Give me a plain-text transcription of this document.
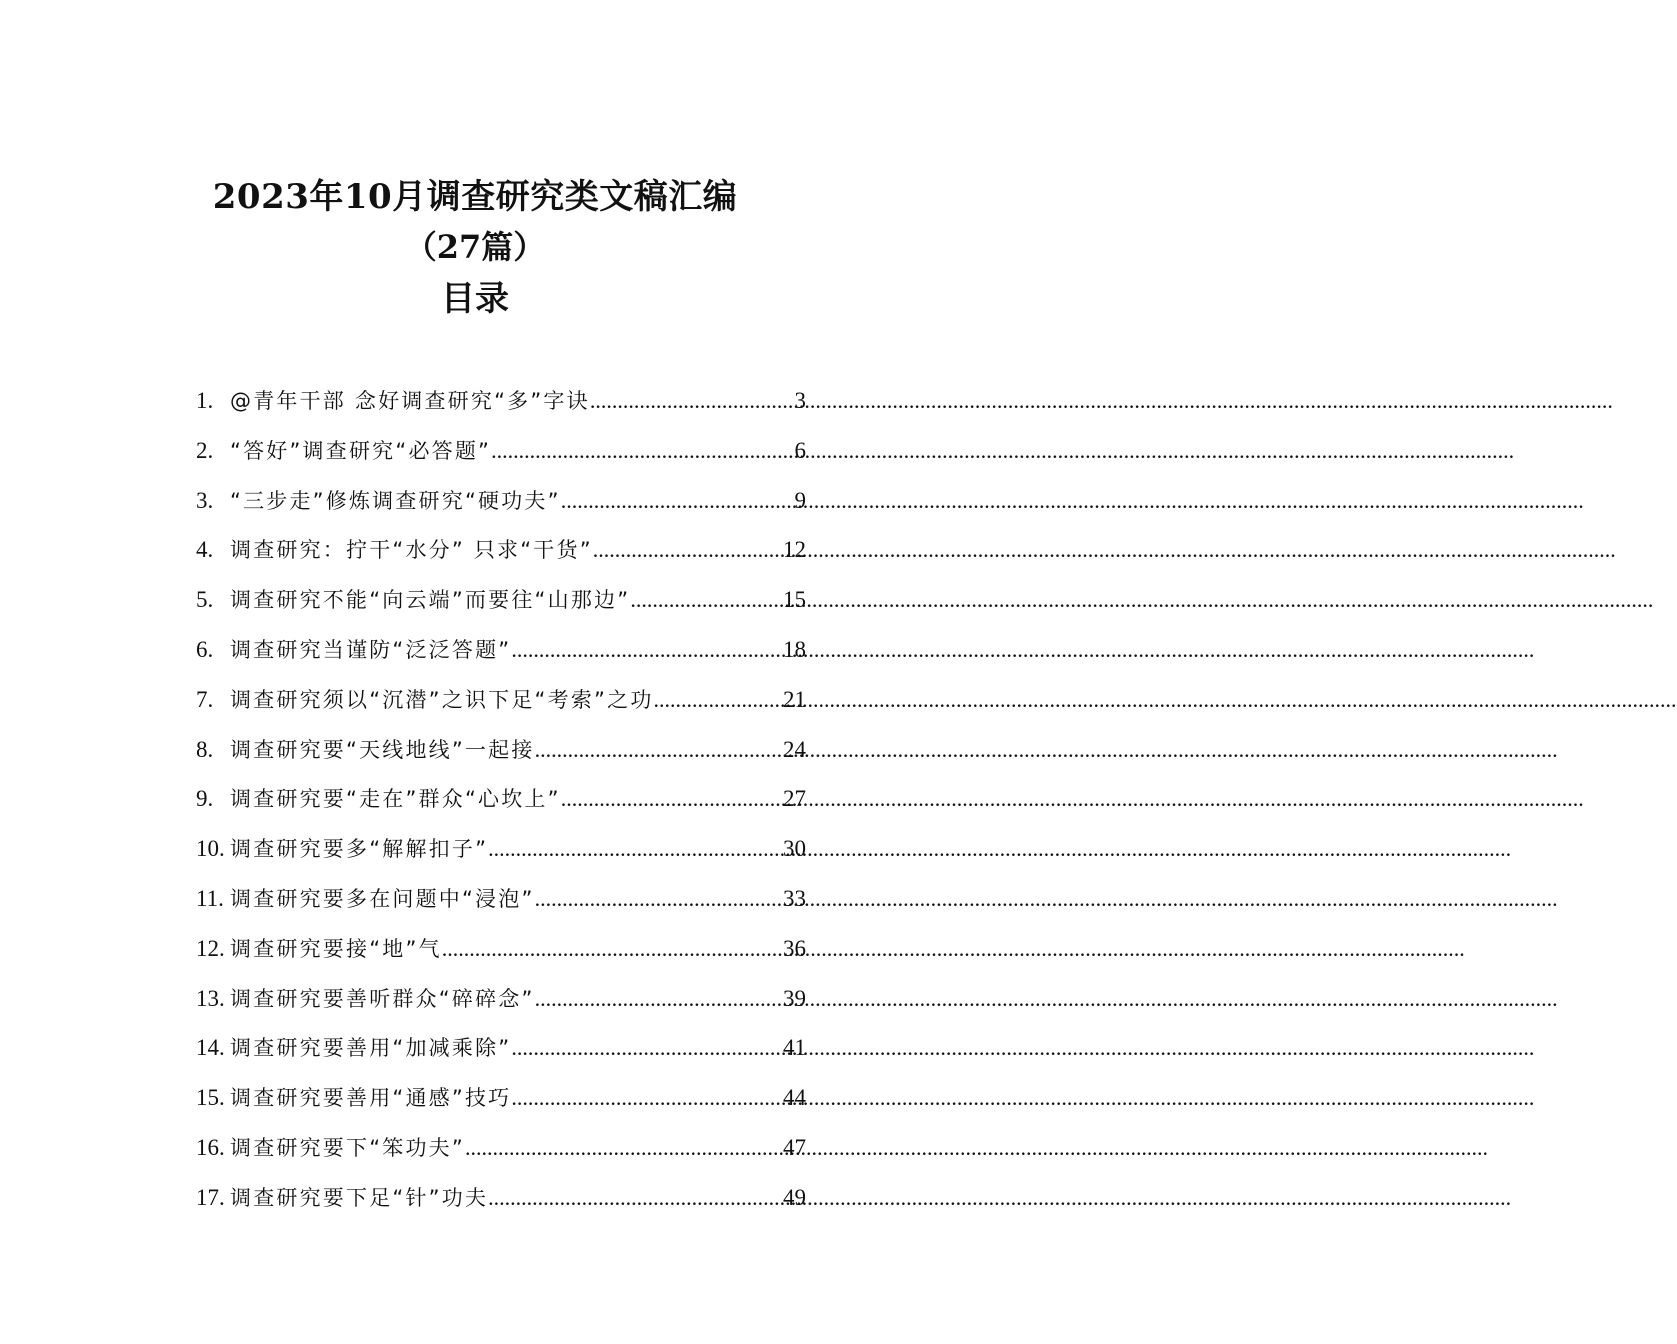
2023年10月调查研究类文稿汇编
（27篇）
目录
1. @青年干部 念好调查研究“多”字诀 .....	3
2. “答好”调查研究“必答题” .....	6
3. “三步走”修炼调查研究“硬功夫” .....	9
4. 调查研究：拧干“水分” 只求“干货” .....	12
5. 调查研究不能“向云端”而要往“山那边” .....	15
6. 调查研究当谨防“泛泛答题” .....	18
7. 调查研究须以“沉潜”之识下足“考索”之功 .....	21
8. 调查研究要“天线地线”一起接 .....	24
9. 调查研究要“走在”群众“心坎上” .....	27
10. 调查研究要多“解解扣子” .....	30
11. 调查研究要多在问题中“浸泡” .....	33
12. 调查研究要接“地”气 .....	36
13. 调查研究要善听群众“碎碎念” .....	39
14. 调查研究要善用“加减乘除” .....	41
15. 调查研究要善用“通感”技巧 .....	44
16. 调查研究要下“笨功夫” .....	47
17. 调查研究要下足“针”功夫 .....	49
